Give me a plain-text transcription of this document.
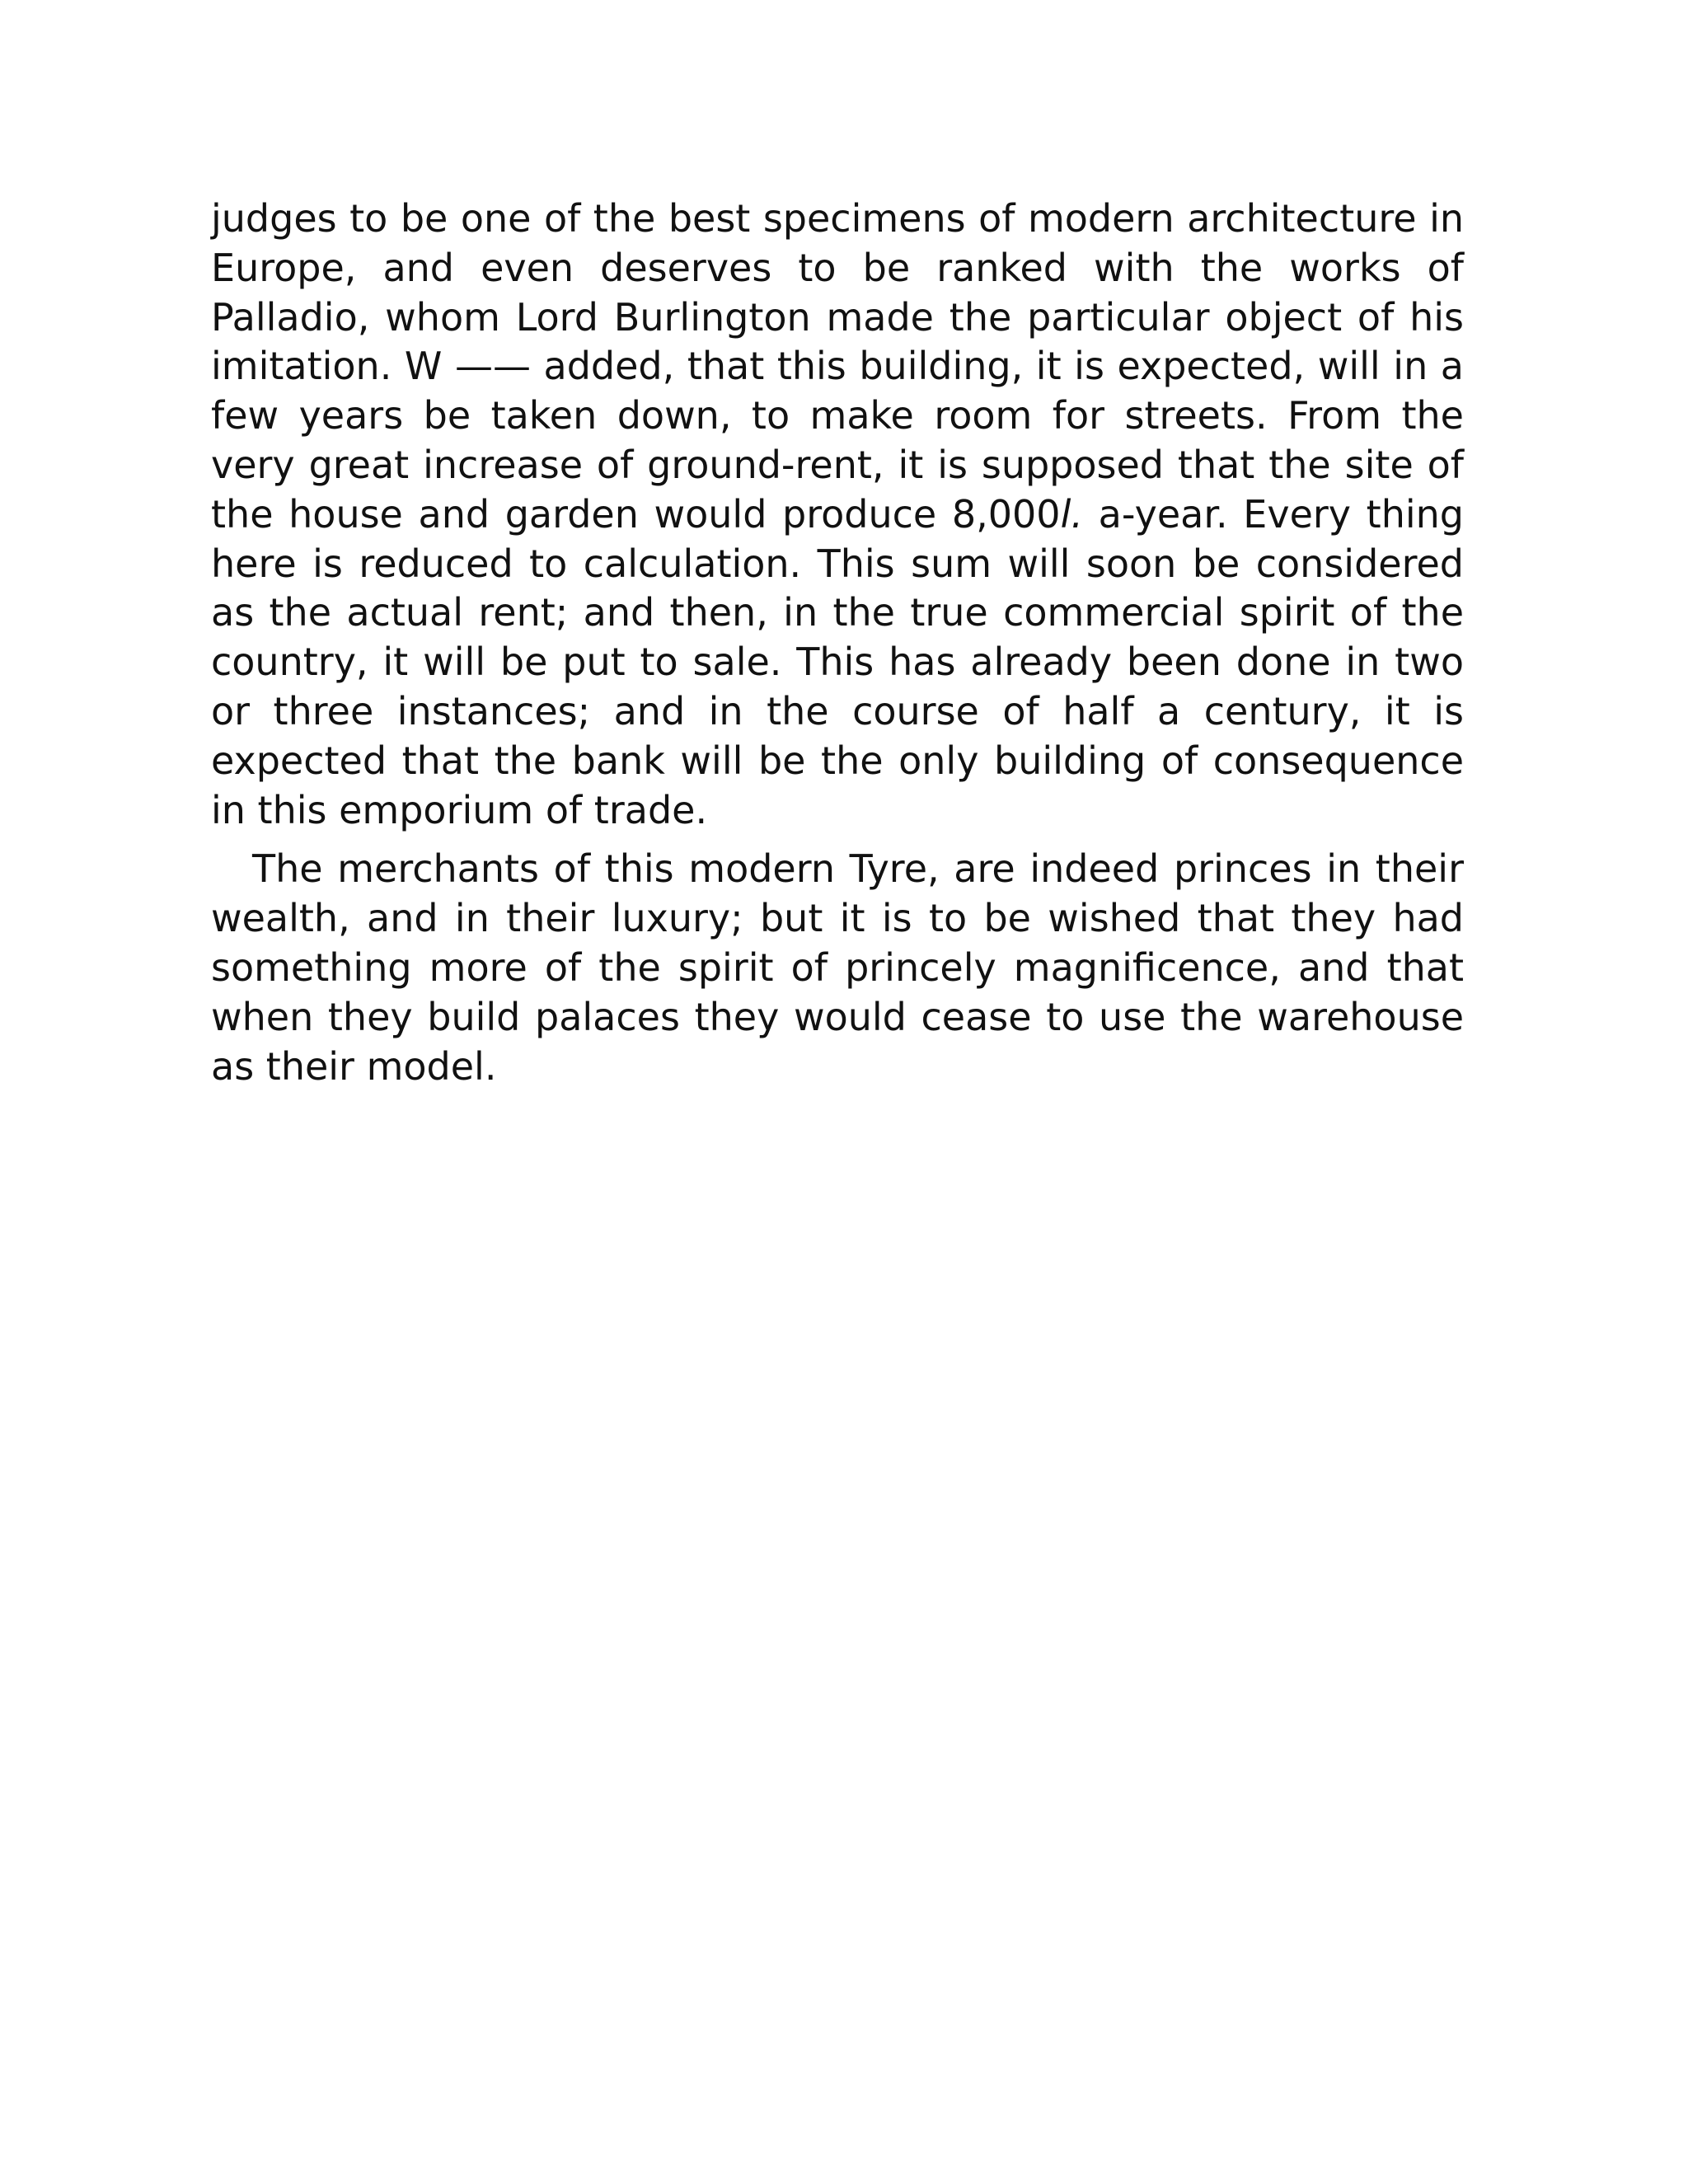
judges to be one of the best specimens of modern architecture in Europe, and even deserves to be ranked with the works of Palladio, whom Lord Burlington made the particular object of his imitation. W —— added, that this building, it is expected, will in a few years be taken down, to make room for streets. From the very great increase of ground-rent, it is supposed that the site of the house and garden would produce 8,000l. a-year. Every thing here is reduced to calculation. This sum will soon be considered as the actual rent; and then, in the true commercial spirit of the country, it will be put to sale. This has already been done in two or three instances; and in the course of half a century, it is expected that the bank will be the only building of consequence in this emporium of trade.

The merchants of this modern Tyre, are indeed princes in their wealth, and in their luxury; but it is to be wished that they had something more of the spirit of princely magnificence, and that when they build palaces they would cease to use the warehouse as their model.
